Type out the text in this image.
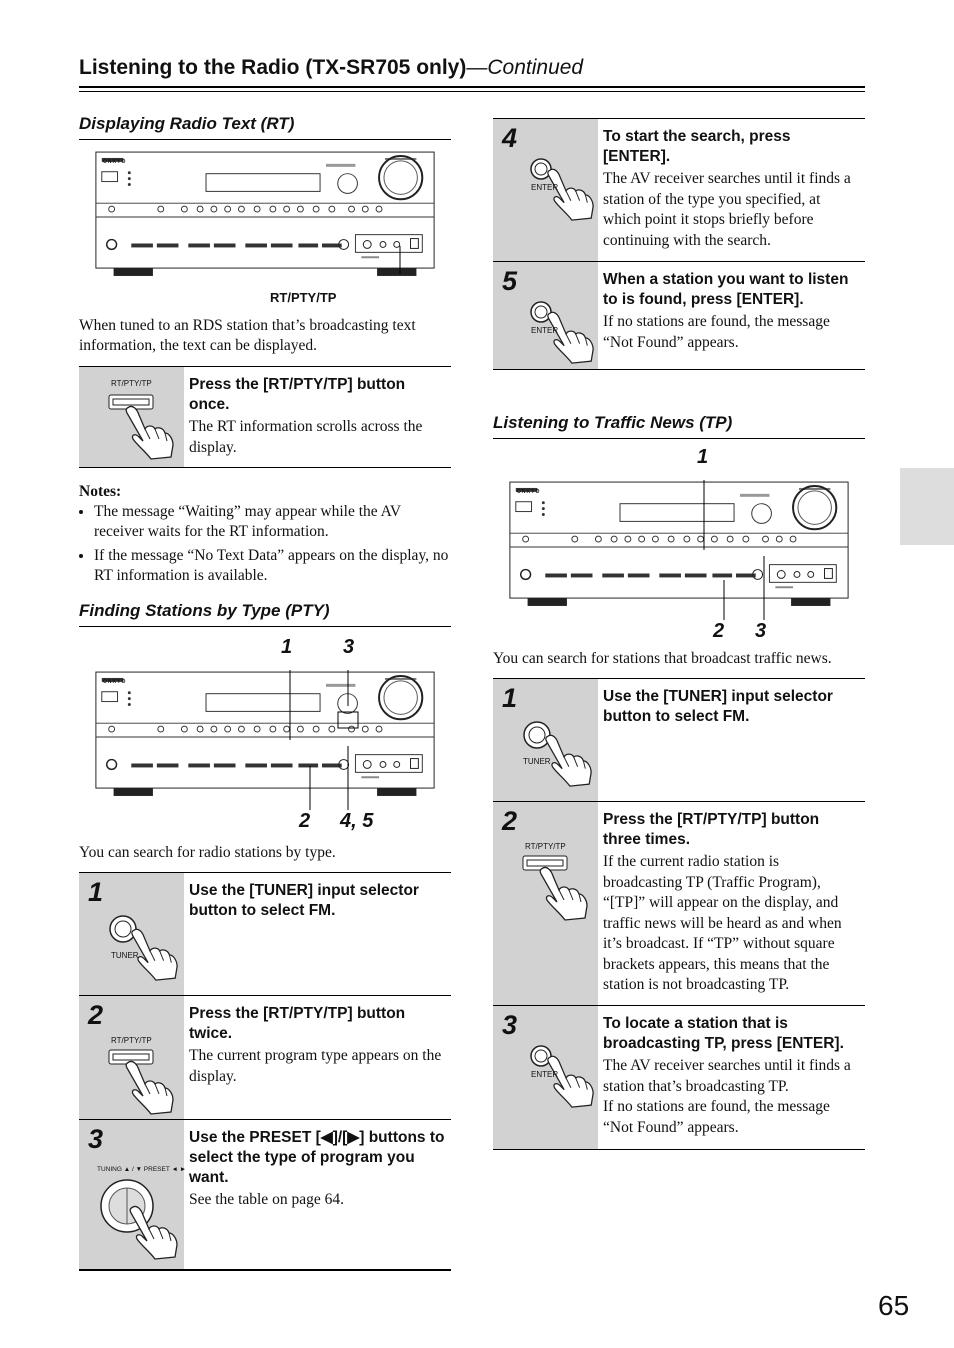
Listening to the Radio (TX-SR705 only)—Continued
Displaying Radio Text (RT)
RT/PTY/TP
When tuned to an RDS station that’s broadcasting text information, the text can be displayed.
RT/PTY/TP Press the [RT/PTY/TP] button once.
The RT information scrolls across the display.
Notes:
• The message “Waiting” may appear while the AV receiver waits for the RT information.
• If the message “No Text Data” appears on the display, no RT information is available.
Finding Stations by Type (PTY)
1	3
2 4, 5
You can search for radio stations by type.
1
TUNER
Use the [TUNER] input selector button to select FM.
2
RT/PTY/TP
Press the [RT/PTY/TP] button twice.
The current program type appears on the display.
3
TUNING ▲ / ▼ PRESET ◄ ►
Use the PRESET [◀]/[▶] buttons to select the type of program you want.
See the table on page 64.
4
ENTER
To start the search, press [ENTER].
The AV receiver searches until it finds a station of the type you specified, at which point it stops briefly before continuing with the search.
5
ENTER
When a station you want to listen to is found, press [ENTER].
If no stations are found, the message “Not Found” appears.
Listening to Traffic News (TP)
1
2 3
You can search for stations that broadcast traffic news.
1
TUNER
Use the [TUNER] input selector button to select FM.
2
RT/PTY/TP
Press the [RT/PTY/TP] button three times.
If the current radio station is broadcasting TP (Traffic Program), “[TP]” will appear on the display, and traffic news will be heard as and when it’s broadcast. If “TP” without square brackets appears, this means that the station is not broadcasting TP.
3
ENTER
To locate a station that is broadcasting TP, press [ENTER].
The AV receiver searches until it finds a station that’s broadcasting TP.
If no stations are found, the message “Not Found” appears.
ONKYO
ONKYO
ONKYO
65
